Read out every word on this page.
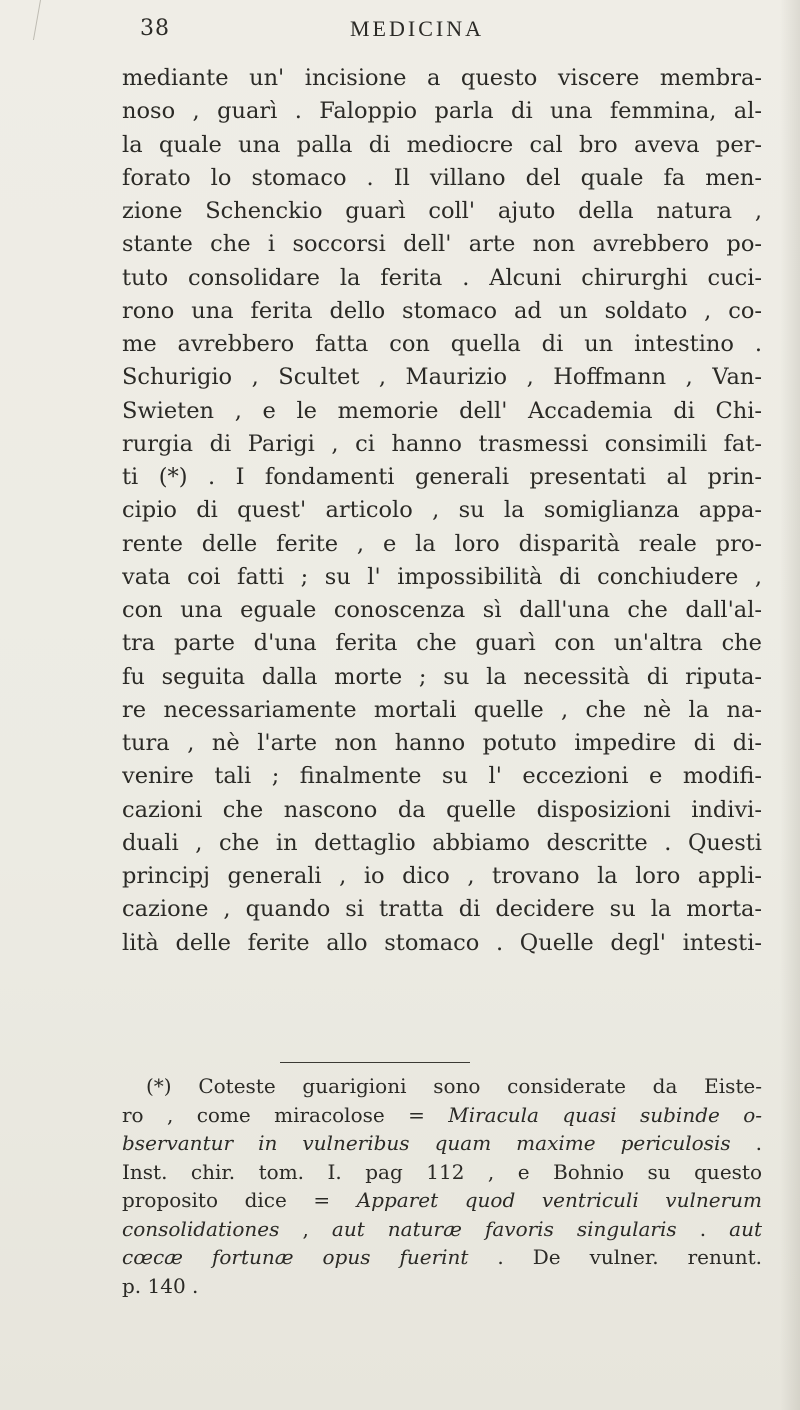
38	MEDICINA
mediante un' incisione a questo viscere membra-
noso , guarì . Faloppio parla di una femmina, al-
la quale una palla di mediocre cal bro aveva per-
forato lo stomaco . Il villano del quale fa men-
zione Schenckio guarì coll' ajuto della natura ,
stante che i soccorsi dell' arte non avrebbero po-
tuto consolidare la ferita . Alcuni chirurghi cuci-
rono una ferita dello stomaco ad un soldato , co-
me avrebbero fatta con quella di un intestino .
Schurigio , Scultet , Maurizio , Hoffmann , Van-
Swieten , e le memorie dell' Accademia di Chi-
rurgia di Parigi , ci hanno trasmessi consimili fat-
ti (*) . I fondamenti generali presentati al prin-
cipio di quest' articolo , su la somiglianza appa-
rente delle ferite , e la loro disparità reale pro-
vata coi fatti ; su l' impossibilità di conchiudere ,
con una eguale conoscenza sì dall'una che dall'al-
tra parte d'una ferita che guarì con un'altra che
fu seguita dalla morte ; su la necessità di riputa-
re necessariamente mortali quelle , che nè la na-
tura , nè l'arte non hanno potuto impedire di di-
venire tali ; finalmente su l' eccezioni e modifi-
cazioni che nascono da quelle disposizioni indivi-
duali , che in dettaglio abbiamo descritte . Questi
principj generali , io dico , trovano la loro appli-
cazione , quando si tratta di decidere su la morta-
lità delle ferite allo stomaco . Quelle degl' intesti-
(*) Coteste guarigioni sono considerate da Eiste-
ro , come miracolose = Miracula quasi subinde o-
bservantur in vulneribus quam maxime periculosis .
Inst. chir. tom. I. pag 112 , e Bohnio su questo
proposito dice = Apparet quod ventriculi vulnerum
consolidationes , aut naturæ favoris singularis . aut
cœcæ fortunæ opus fuerint . De vulner. renunt.
p. 140 .
